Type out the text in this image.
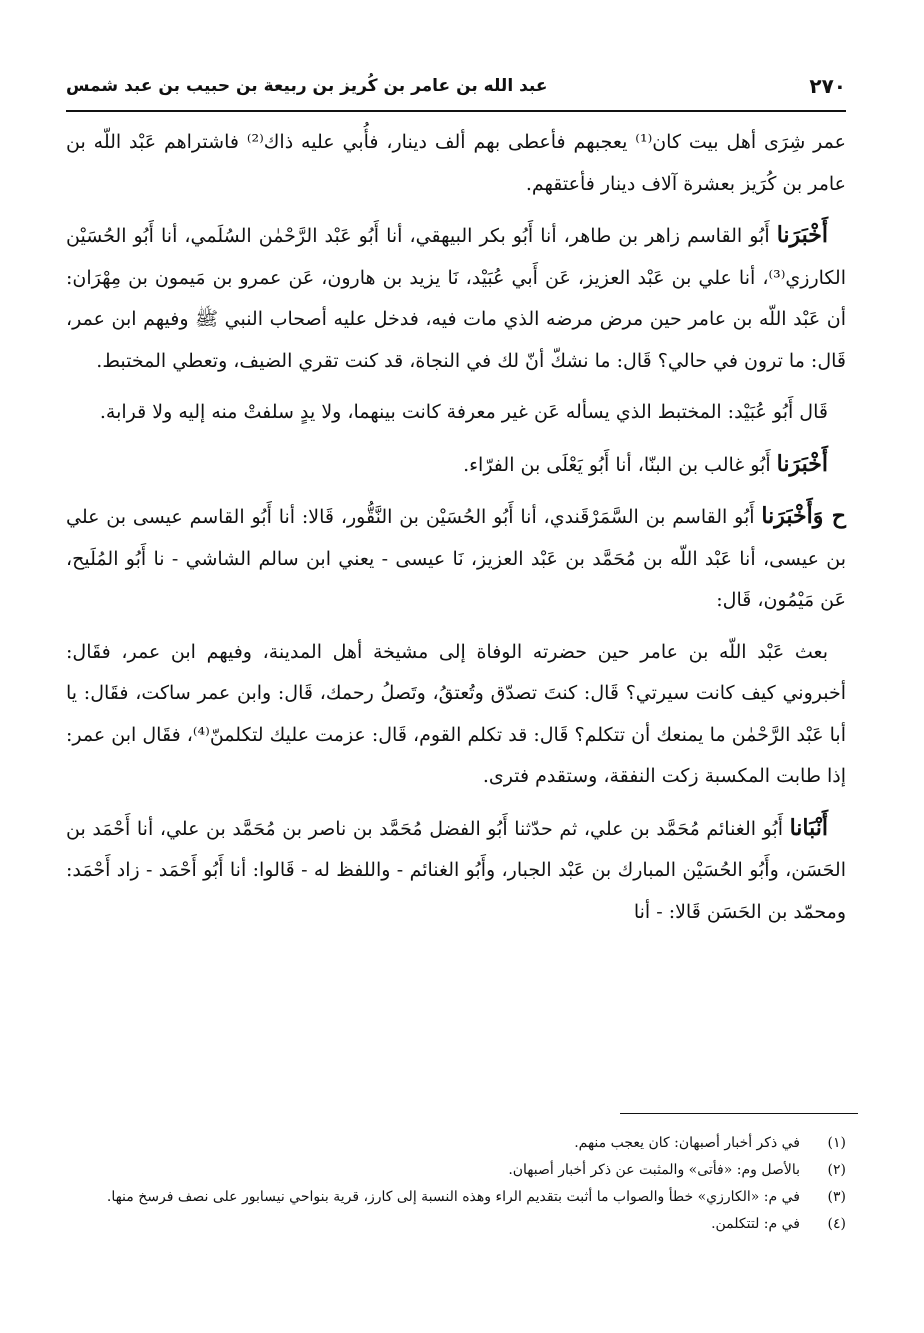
٢٧٠
عبد الله بن عامر بن كُريز بن ربيعة بن حبيب بن عبد شمس

عمر شِرَى أهل بيت كان⁽¹⁾ يعجبهم فأعطى بهم ألف دينار، فأُبي عليه ذاك⁽²⁾ فاشتراهم عَبْد اللّه بن عامر بن كُرَيز بعشرة آلاف دينار فأعتقهم.

أَخْبَرَنا أَبُو القاسم زاهر بن طاهر، أنا أَبُو بكر البيهقي، أنا أَبُو عَبْد الرَّحْمٰن السُلَمي، أنا أَبُو الحُسَيْن الكارزي⁽³⁾، أنا علي بن عَبْد العزيز، عَن أَبي عُبَيْد، نَا يزيد بن هارون، عَن عمرو بن مَيمون بن مِهْرَان: أن عَبْد اللّه بن عامر حين مرض مرضه الذي مات فيه، فدخل عليه أصحاب النبي ﷺ وفيهم ابن عمر، قَال: ما ترون في حالي؟ قَال: ما نشكّ أنّ لك في النجاة، قد كنت تقري الضيف، وتعطي المختبط.

قَال أَبُو عُبَيْد: المختبط الذي يسأله عَن غير معرفة كانت بينهما، ولا يدٍ سلفتْ منه إليه ولا قرابة.

أَخْبَرَنا أَبُو غالب بن البنّا، أنا أَبُو يَعْلَى بن الفرّاء.

ح وَأَخْبَرَنا أَبُو القاسم بن السَّمَرْقَندي، أنا أَبُو الحُسَيْن بن النَّقُّور، قَالا: أنا أَبُو القاسم عيسى بن علي بن عيسى، أنا عَبْد اللّه بن مُحَمَّد بن عَبْد العزيز، نَا عيسى - يعني ابن سالم الشاشي - نا أَبُو المُلَيح، عَن مَيْمُون، قَال:

بعث عَبْد اللّه بن عامر حين حضرته الوفاة إلى مشيخة أهل المدينة، وفيهم ابن عمر، فقَال: أخبروني كيف كانت سيرتي؟ قَال: كنتَ تصدّق وتُعتقُ، وتَصلُ رحمك، قَال: وابن عمر ساكت، فقَال: يا أبا عَبْد الرَّحْمٰن ما يمنعك أن تتكلم؟ قَال: قد تكلم القوم، قَال: عزمت عليك لتكلمنّ⁽⁴⁾، فقَال ابن عمر: إذا طابت المكسبة زكت النفقة، وستقدم فترى.

أَنْبَانا أَبُو الغنائم مُحَمَّد بن علي، ثم حدّثنا أَبُو الفضل مُحَمَّد بن ناصر بن مُحَمَّد بن علي، أنا أَحْمَد بن الحَسَن، وأَبُو الحُسَيْن المبارك بن عَبْد الجبار، وأَبُو الغنائم - واللفظ له - قَالوا: أنا أَبُو أَحْمَد - زاد أَحْمَد: ومحمّد بن الحَسَن قَالا: - أنا

(١)
في ذكر أخبار أصبهان: كان يعجب منهم.
(٢)
بالأصل وم: «فأتى» والمثبت عن ذكر أخبار أصبهان.
(٣)
في م: «الكارزي» خطأ والصواب ما أثبت بتقديم الراء وهذه النسبة إلى كارز، قرية بنواحي نيسابور على نصف فرسخ منها.
(٤)
في م: لتتكلمن.
